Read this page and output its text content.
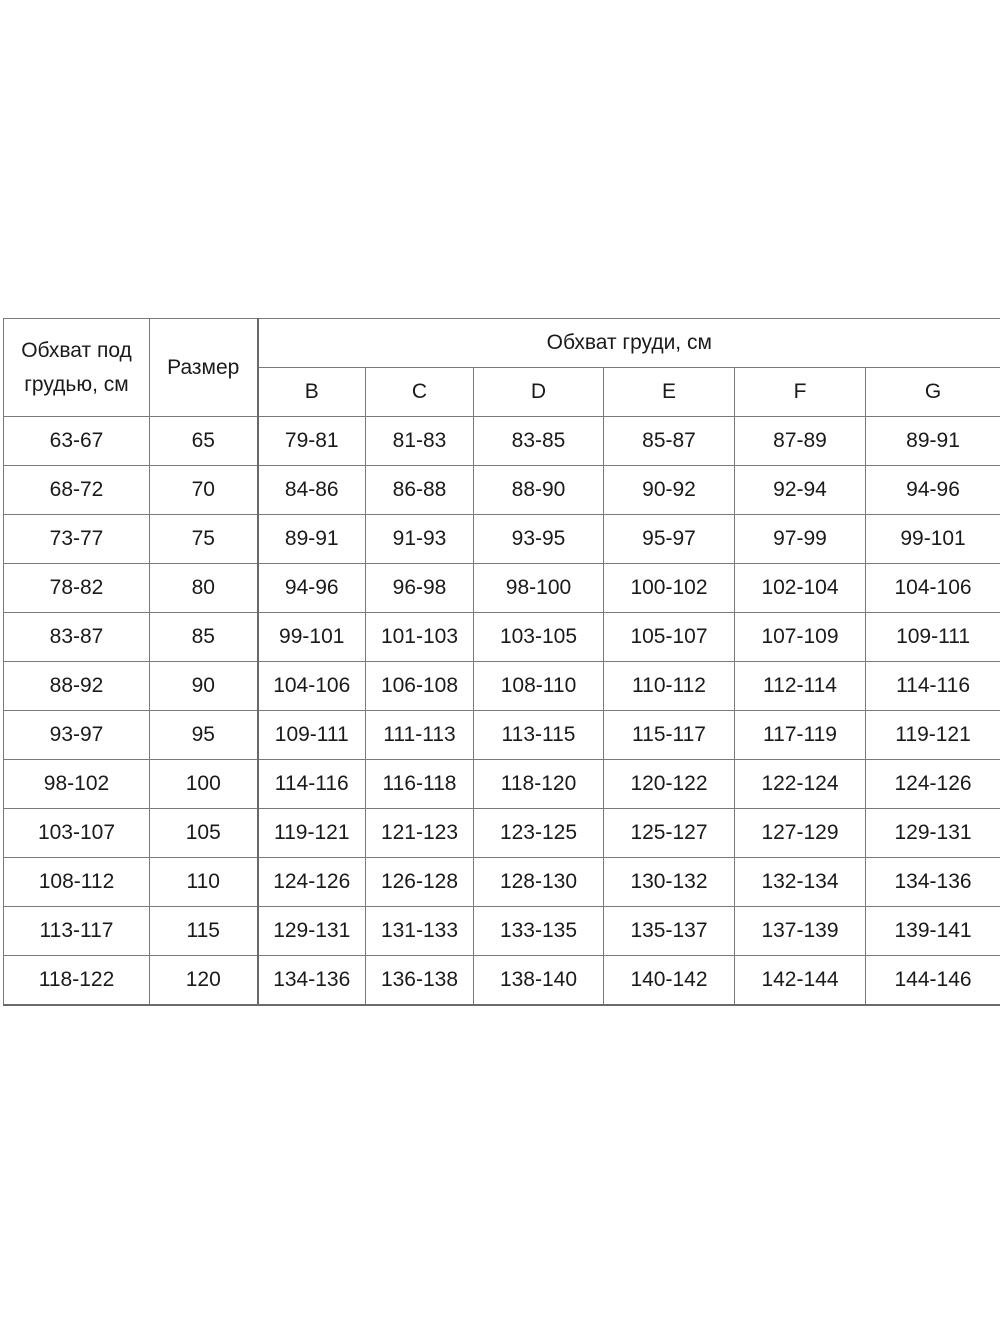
Обхват под грудью, см	Размер	Обхват груди, см					
		B	C	D	E	F	G
63-67	65	79-81	81-83	83-85	85-87	87-89	89-91
68-72	70	84-86	86-88	88-90	90-92	92-94	94-96
73-77	75	89-91	91-93	93-95	95-97	97-99	99-101
78-82	80	94-96	96-98	98-100	100-102	102-104	104-106
83-87	85	99-101	101-103	103-105	105-107	107-109	109-111
88-92	90	104-106	106-108	108-110	110-112	112-114	114-116
93-97	95	109-111	111-113	113-115	115-117	117-119	119-121
98-102	100	114-116	116-118	118-120	120-122	122-124	124-126
103-107	105	119-121	121-123	123-125	125-127	127-129	129-131
108-112	110	124-126	126-128	128-130	130-132	132-134	134-136
113-117	115	129-131	131-133	133-135	135-137	137-139	139-141
118-122	120	134-136	136-138	138-140	140-142	142-144	144-146
